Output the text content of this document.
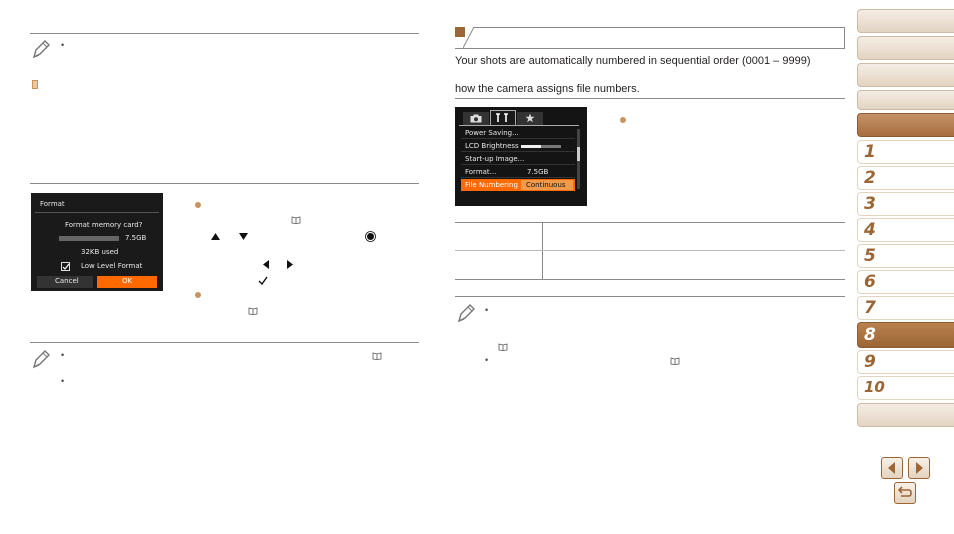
•
Format
Format memory card?
7.5GB
32KB used
Low Level Format
Cancel	OK
•
•
Your shots are automatically numbered in sequential order (0001 – 9999)
how the camera assigns file numbers.
Power Saving...
LCD Brightness
Start-up Image...
Format...	7.5GB
File Numbering Continuous
•
•
1
2
3
4
5
6
7
8
9
10
